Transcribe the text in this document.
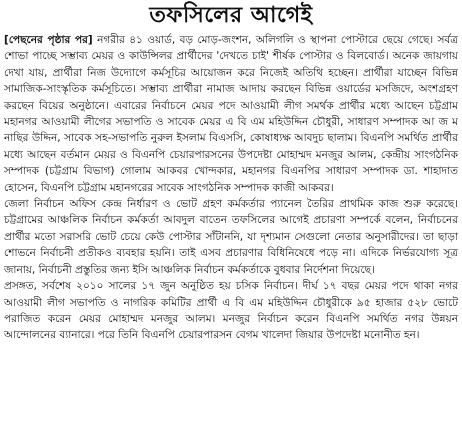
তফসিলের আগেই

[পেছনের পৃষ্ঠার পর] নগরীর ৪১ ওয়ার্ড, বড় মোড়-জংশন, অলিগলি ও স্থাপনা পোস্টারে ছেয়ে গেছে। সর্বত্র শোভা পাচ্ছে সম্ভাব্য মেয়র ও কাউন্সিলর প্রার্থীদের 'দেখতে চাই' শীর্ষক পোস্টার ও বিলবোর্ড। অনেক জায়গায় দেখা যায়, প্রার্থীরা নিজ উদ্যোগে কর্মসূচির আয়োজন করে নিজেই অতিথি হচ্ছেন। প্রার্থীরা যাচ্ছেন বিভিন্ন সামাজিক-সাংস্কৃতিক কর্মসূচিতে। সম্ভাব্য প্রার্থীরা নামাজ আদায় করছেন বিভিন্ন ওয়ার্ডের মসজিদে, অংশগ্রহণ করছেন বিয়ের অনুষ্ঠানে। এবারের নির্বাচনে মেয়র পদে আওয়ামী লীগ সমর্থক প্রার্থীর মধ্যে আছেন চট্টগ্রাম মহানগর আওয়ামী লীগের সভাপতি ও সাবেক মেয়র এ বি এম মহিউদ্দিন চৌধুরী, সাধারণ সম্পাদক আ জ ম নাছির উদ্দিন, সাবেক সহ-সভাপতি নুরুল ইসলাম বিএসসি, কোষাধ্যক্ষ আবদুচ ছালাম। বিএনপি সমর্থিত প্রার্থীর মধ্যে আছেন বর্তমান মেয়র ও বিএনপি চেয়ারপারসনের উপদেষ্টা মোহাম্মদ মনজুর আলম, কেন্দ্রীয় সাংগঠনিক সম্পাদক (চট্টগ্রাম বিভাগ) গোলাম আকবর খোন্দকার, মহানগর বিএনপির সাধারণ সম্পাদক ডা. শাহাদাত হোসেন, বিএনপি চট্টগ্রাম মহানগরের সাবেক সাংগঠনিক সম্পাদক কাজী আকবর।

জেলা নির্বাচন অফিস কেন্দ্র নির্ধারণ ও ভোট গ্রহণ কর্মকর্তার প্যানেল তৈরির প্রাথমিক কাজ শুরু করেছে। চট্টগ্রামের আঞ্চলিক নির্বাচন কর্মকর্তা আবদুল বাতেন তফসিলের আগেই প্রচারণা সম্পর্কে বলেন, নির্বাচনের প্রার্থীর মতো সরাসরি ভোট চেয়ে কেউ পোস্টার সাঁটাননি, যা দৃশ্যমান সেগুলো নেতার অনুসারীদের। তা ছাড়া শোভনে নির্বাচনী প্রতীকও ব্যবহার হয়নি। তাই এসব প্রচারণার বিধিনিষেধে পড়ে না। এদিকে নির্ভরযোগ্য সূত্র জানায়, নির্বাচনী প্রস্তুতির জন্য ইসি আঞ্চলিক নির্বাচন কর্মকর্তাকে বুধবার নির্দেশনা দিয়েছে।

প্রসঙ্গত, সর্বশেষ ২০১০ সালের ১৭ জুন অনুষ্ঠিত হয় চসিক নির্বাচন। দীর্ঘ ১৭ বছর মেয়র পদে থাকা নগর আওয়ামী লীগ সভাপতি ও নাগরিক কমিটির প্রার্থী এ বি এম মহিউদ্দিন চৌধুরীকে ৯৫ হাজার ৫২৮ ভোটে পরাজিত করেন মেয়র মোহাম্মদ মনজুর আলম। মনজুর নির্বাচন করেন বিএনপি সমর্থিত নগর উন্নয়ন আন্দোলনের ব্যানারে। পরে তিনি বিএনপি চেয়ারপারসন বেগম খালেদা জিয়ার উপদেষ্টা মনোনীত হন।
